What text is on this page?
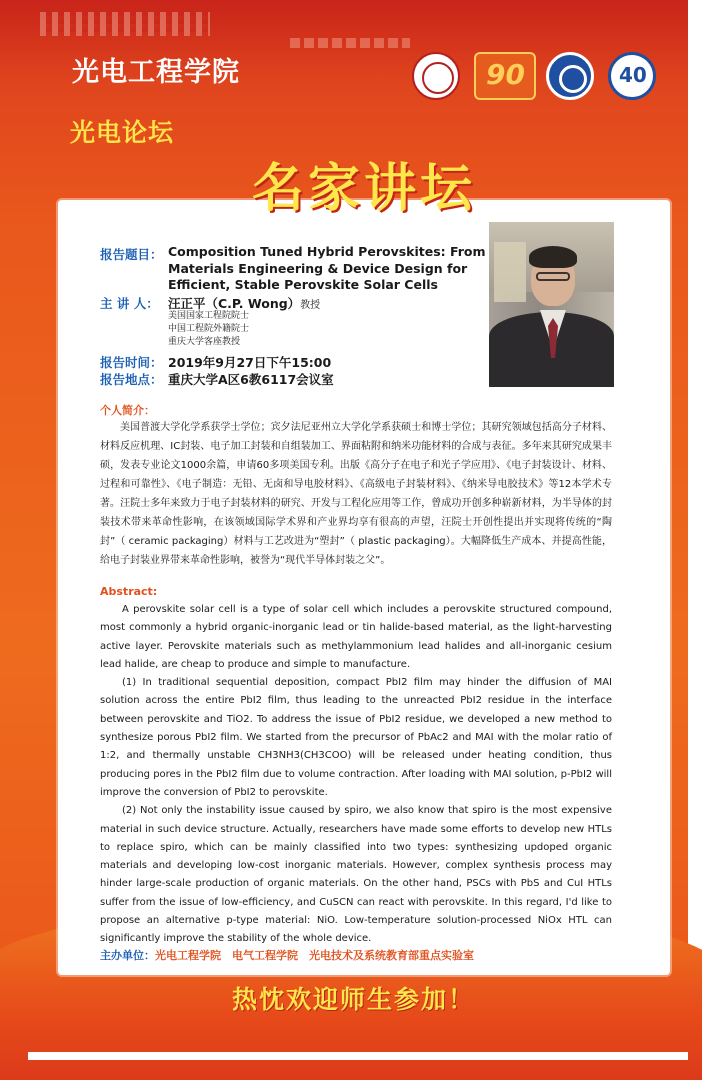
光电工程学院
光电论坛
90	40
名家讲坛
报告题目： Composition Tuned Hybrid Perovskites: From Materials Engineering & Device Design for Efficient, Stable Perovskite Solar Cells
主 讲 人： 汪正平（C.P. Wong）教授
美国国家工程院院士
中国工程院外籍院士
重庆大学客座教授
报告时间： 2019年9月27日下午15:00
报告地点： 重庆大学A区6教6117会议室
个人简介：

美国普渡大学化学系获学士学位；宾夕法尼亚州立大学化学系获硕士和博士学位；其研究领域包括高分子材料、材料反应机理、IC封装、电子加工封装和自组装加工、界面粘附和纳米功能材料的合成与表征。多年来其研究成果丰硕，发表专业论文1000余篇，申请60多项美国专利。出版《高分子在电子和光子学应用》、《电子封装设计、材料、过程和可靠性》、《电子制造：无铅、无卤和导电胶材料》、《高级电子封装材料》、《纳米导电胶技术》等12本学术专著。汪院士多年来致力于电子封装材料的研究、开发与工程化应用等工作，曾成功开创多种崭新材料，为半导体的封装技术带来革命性影响，在该领域国际学术界和产业界均享有很高的声望，汪院士开创性提出并实现将传统的“陶封”（ ceramic packaging）材料与工艺改进为“塑封”（ plastic packaging）。大幅降低生产成本、并提高性能，给电子封装业界带来革命性影响，被誉为“现代半导体封装之父”。

Abstract:

A perovskite solar cell is a type of solar cell which includes a perovskite structured compound, most commonly a hybrid organic-inorganic lead or tin halide-based material, as the light-harvesting active layer. Perovskite materials such as methylammonium lead halides and all-inorganic cesium lead halide, are cheap to produce and simple to manufacture.

(1) In traditional sequential deposition, compact PbI2 film may hinder the diffusion of MAI solution across the entire PbI2 film, thus leading to the unreacted PbI2 residue in the interface between perovskite and TiO2. To address the issue of PbI2 residue, we developed a new method to synthesize porous PbI2 film. We started from the precursor of PbAc2 and MAI with the molar ratio of 1:2, and thermally unstable CH3NH3(CH3COO) will be released under heating condition, thus producing pores in the PbI2 film due to volume contraction. After loading with MAI solution, p-PbI2 will improve the conversion of PbI2 to perovskite.

(2) Not only the instability issue caused by spiro, we also know that spiro is the most expensive material in such device structure. Actually, researchers have made some efforts to develop new HTLs to replace spiro, which can be mainly classified into two types: synthesizing updoped organic materials and developing low-cost inorganic materials. However, complex synthesis process may hinder large-scale production of organic materials. On the other hand, PSCs with PbS and CuI HTLs suffer from the issue of low-efficiency, and CuSCN can react with perovskite. In this regard, I'd like to propose an alternative p-type material: NiO. Low-temperature solution-processed NiOx HTL can significantly improve the stability of the whole device.

主办单位：光电工程学院　电气工程学院　光电技术及系统教育部重点实验室
热忱欢迎师生参加！
